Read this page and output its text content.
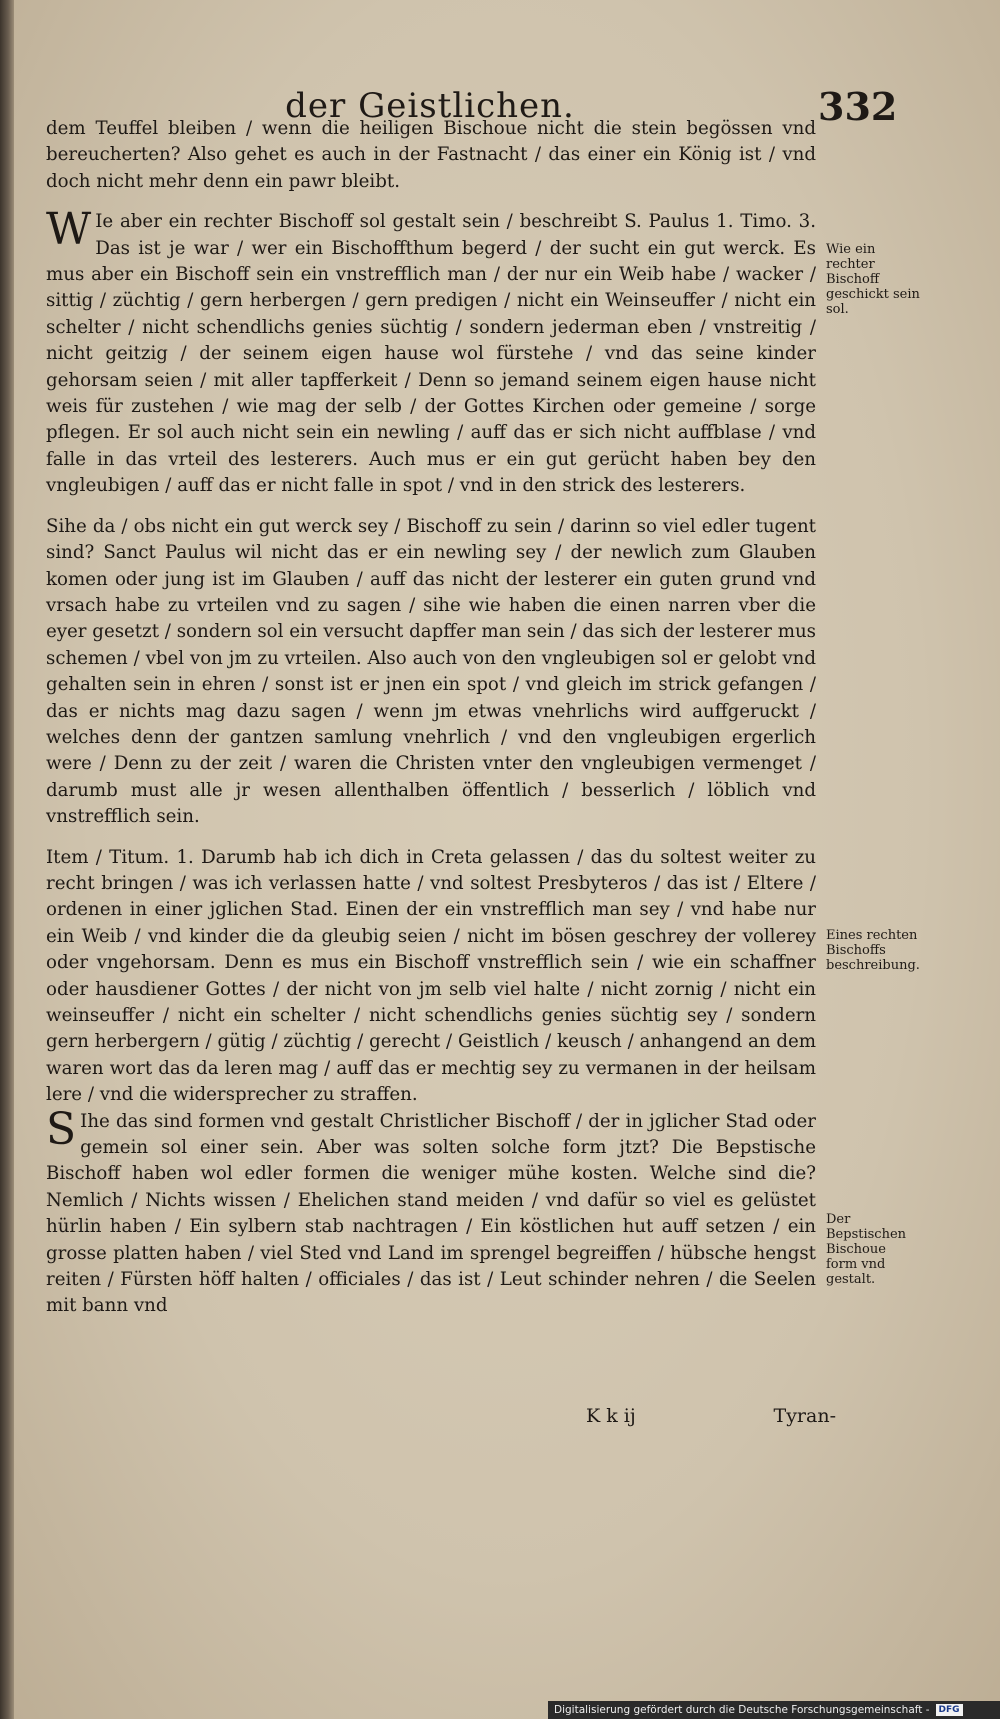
der Geistlichen.	332

dem Teuffel bleiben / wenn die heiligen Bischoue nicht die stein begössen vnd bereucherten? Also gehet es auch in der Fastnacht / das einer ein König ist / vnd doch nicht mehr denn ein pawr bleibt.

W Ie aber ein rechter Bischoff sol gestalt sein / beschreibt S. Paulus 1. Timo. 3. Das ist je war / wer ein Bischoffthum begerd / der sucht ein gut werck. Es mus aber ein Bischoff sein ein vnstrefflich man / der nur ein Weib habe / wacker / sittig / züchtig / gern herbergen / gern predigen / nicht ein Weinseuffer / nicht ein schelter / nicht schendlichs genies süchtig / sondern jederman eben / vnstreitig / nicht geitzig / der seinem eigen hause wol fürstehe / vnd das seine kinder gehorsam seien / mit aller tapfferkeit / Denn so jemand seinem eigen hause nicht weis für zustehen / wie mag der selb / der Gottes Kirchen oder gemeine / sorge pflegen. Er sol auch nicht sein ein newling / auff das er sich nicht auffblase / vnd falle in das vrteil des lesterers. Auch mus er ein gut gerücht haben bey den vngleubigen / auff das er nicht falle in spot / vnd in den strick des lesterers.

Sihe da / obs nicht ein gut werck sey / Bischoff zu sein / darinn so viel edler tugent sind? Sanct Paulus wil nicht das er ein newling sey / der newlich zum Glauben komen oder jung ist im Glauben / auff das nicht der lesterer ein guten grund vnd vrsach habe zu vrteilen vnd zu sagen / sihe wie haben die einen narren vber die eyer gesetzt / sondern sol ein versucht dapffer man sein / das sich der lesterer mus schemen / vbel von jm zu vrteilen. Also auch von den vngleubigen sol er gelobt vnd gehalten sein in ehren / sonst ist er jnen ein spot / vnd gleich im strick gefangen / das er nichts mag dazu sagen / wenn jm etwas vnehrlichs wird auffgeruckt / welches denn der gantzen samlung vnehrlich / vnd den vngleubigen ergerlich were / Denn zu der zeit / waren die Christen vnter den vngleubigen vermenget / darumb must alle jr wesen allenthalben öffentlich / besserlich / löblich vnd vnstrefflich sein.

Item / Titum. 1. Darumb hab ich dich in Creta gelassen / das du soltest weiter zu recht bringen / was ich verlassen hatte / vnd soltest Presbyteros / das ist / Eltere / ordenen in einer jglichen Stad. Einen der ein vnstrefflich man sey / vnd habe nur ein Weib / vnd kinder die da gleubig seien / nicht im bösen geschrey der vollerey oder vngehorsam. Denn es mus ein Bischoff vnstrefflich sein / wie ein schaffner oder hausdiener Gottes / der nicht von jm selb viel halte / nicht zornig / nicht ein weinseuffer / nicht ein schelter / nicht schendlichs genies süchtig sey / sondern gern herbergern / gütig / züchtig / gerecht / Geistlich / keusch / anhangend an dem waren wort das da leren mag / auff das er mechtig sey zu vermanen in der heilsam lere / vnd die widersprecher zu straffen.

S Ihe das sind formen vnd gestalt Christlicher Bischoff / der in jglicher Stad oder gemein sol einer sein. Aber was solten solche form jtzt? Die Bepstische Bischoff haben wol edler formen die weniger mühe kosten. Welche sind die? Nemlich / Nichts wissen / Ehelichen stand meiden / vnd dafür so viel es gelüstet hürlin haben / Ein sylbern stab nachtragen / Ein köstlichen hut auff setzen / ein grosse platten haben / viel Sted vnd Land im sprengel begreiffen / hübsche hengst reiten / Fürsten höff halten / officiales / das ist / Leut schinder nehren / die Seelen mit bann vnd

Wie ein rechter Bischoff geschickt sein sol.
Eines rechten Bischoffs beschreibung.
Der Bepstischen Bischoue form vnd gestalt.
K k ij	Tyran-
Digitalisierung gefördert durch die Deutsche Forschungsgemeinschaft -	DFG
